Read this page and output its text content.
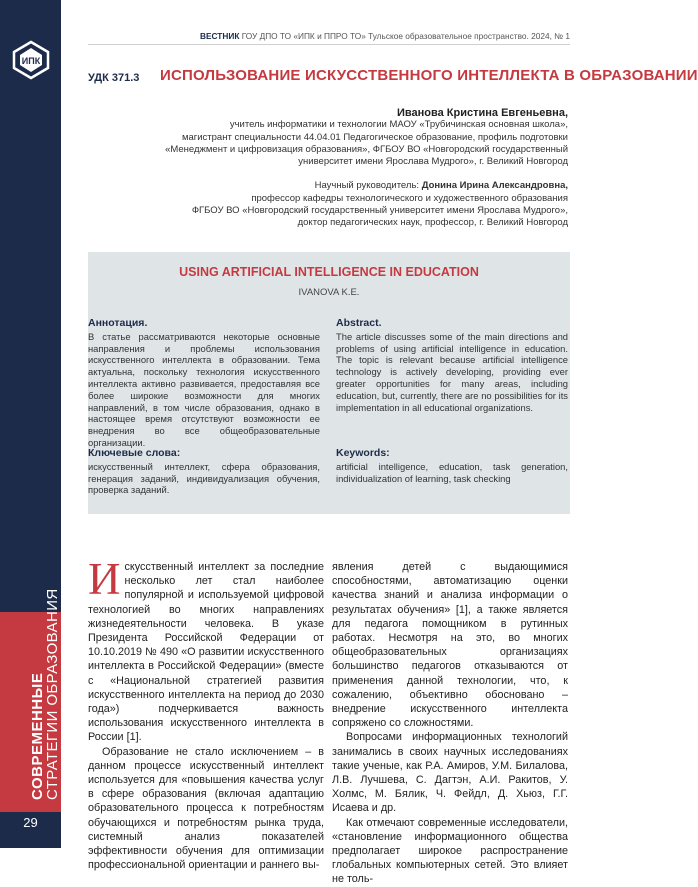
ИПК
СОВРЕМЕННЫЕ
СТРАТЕГИИ ОБРАЗОВАНИЯ
29
ВЕСТНИК ГОУ ДПО ТО «ИПК и ППРО ТО» Тульское образовательное пространство. 2024, № 1
УДК 371.3 ИСПОЛЬЗОВАНИЕ ИСКУССТВЕННОГО ИНТЕЛЛЕКТА В ОБРАЗОВАНИИ
Иванова Кристина Евгеньевна,
учитель информатики и технологии МАОУ «Трубичинская основная школа»,
магистрант специальности 44.04.01 Педагогическое образование, профиль подготовки
«Менеджмент и цифровизация образования», ФГБОУ ВО «Новгородский государственный
университет имени Ярослава Мудрого», г. Великий Новгород
Научный руководитель: Донина Ирина Александровна,
профессор кафедры технологического и художественного образования
ФГБОУ ВО «Новгородский государственный университет имени Ярослава Мудрого»,
доктор педагогических наук, профессор, г. Великий Новгород
USING ARTIFICIAL INTELLIGENCE IN EDUCATION
IVANOVA K.E.
Аннотация.

В статье рассматриваются некоторые основные направления и проблемы использования искусственного интеллекта в образовании. Тема актуальна, поскольку технология искусственного интеллекта активно развивается, предоставляя все более широкие возможности для многих направлений, в том числе образования, однако в настоящее время отсутствуют возможности ее внедрения во все общеобразовательные организации.

Abstract.

The article discusses some of the main directions and problems of using artificial intelligence in education. The topic is relevant because artificial intelligence technology is actively developing, providing ever greater opportunities for many areas, including education, but, currently, there are no possibilities for its implementation in all educational organizations.

Ключевые слова:

искусственный интеллект, сфера образования, генерация заданий, индивидуализация обучения, проверка заданий.

Keywords:

artificial intelligence, education, task generation, individualization of learning, task checking

Искусственный интеллект за последние несколько лет стал наиболее популярной и используемой цифровой технологией во многих направлениях жизнедеятельности человека. В указе Президента Российской Федерации от 10.10.2019 № 490 «О развитии искусственного интеллекта в Российской Федерации» (вместе с «Национальной стратегией развития искусственного интеллекта на период до 2030 года») подчеркивается важность использования искусственного интеллекта в России [1].

Образование не стало исключением – в данном процессе искусственный интеллект используется для «повышения качества услуг в сфере образования (включая адаптацию образовательного процесса к потребностям обучающихся и потребностям рынка труда, системный анализ показателей эффективности обучения для оптимизации профессиональной ориентации и раннего вы-

явления детей с выдающимися способностями, автоматизацию оценки качества знаний и анализа информации о результатах обучения» [1], а также является для педагога помощником в рутинных работах. Несмотря на это, во многих общеобразовательных организациях большинство педагогов отказываются от применения данной технологии, что, к сожалению, объективно обосновано – внедрение искусственного интеллекта сопряжено со сложностями.

Вопросами информационных технологий занимались в своих научных исследованиях такие ученые, как Р.А. Амиров, У.М. Билалова, Л.В. Лучшева, С. Дагтэн, А.И. Ракитов, У. Холмс, М. Бялик, Ч. Фейдл, Д. Хьюз, Г.Г. Исаева и др.

Как отмечают современные исследователи, «становление информационного общества предполагает широкое распространение глобальных компьютерных сетей. Это влияет не толь-
